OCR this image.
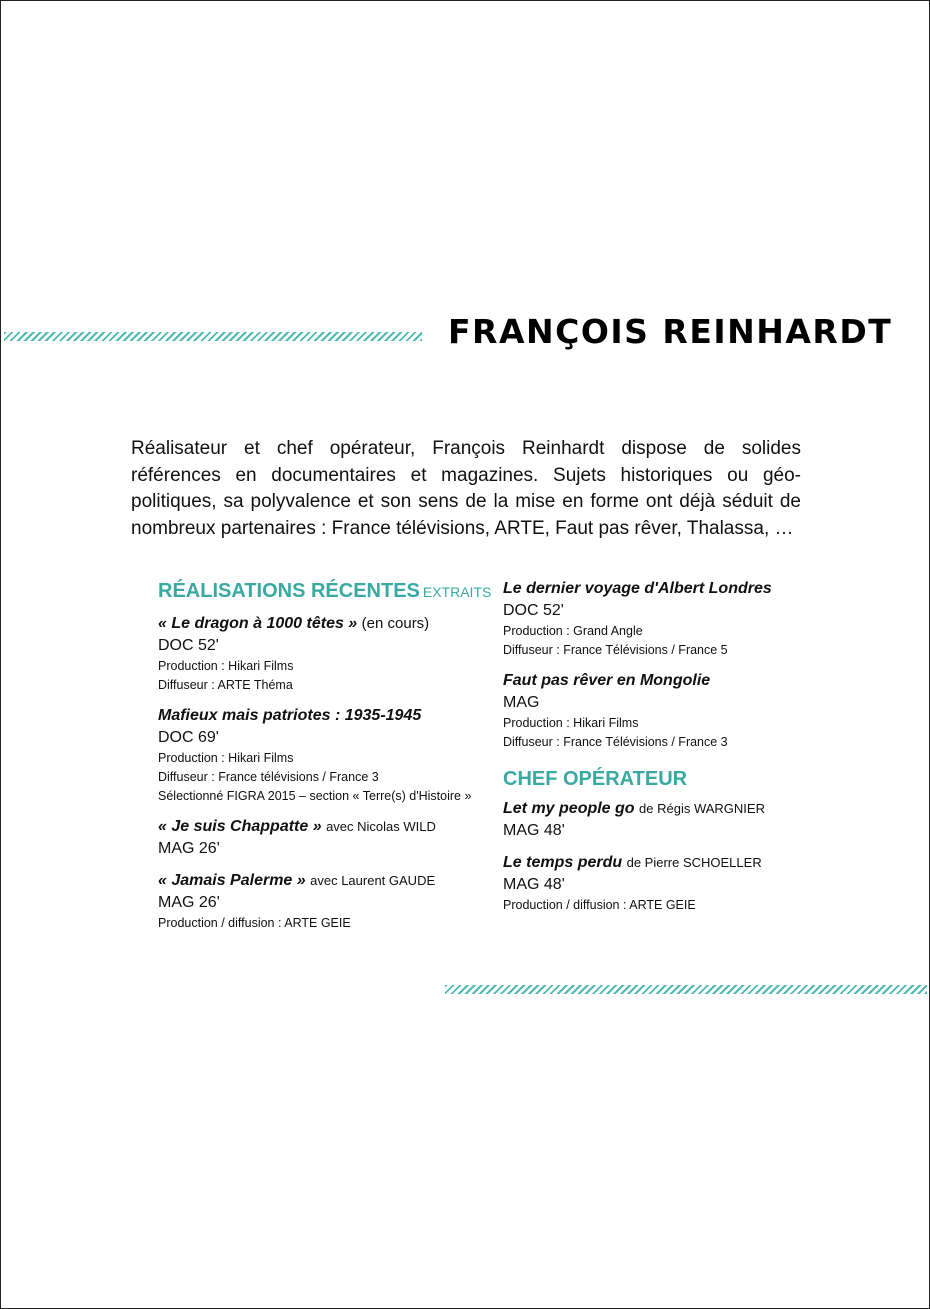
FRANÇOIS REINHARDT

Réalisateur et chef opérateur, François Reinhardt dispose de solides références en documentaires et magazines. Sujets historiques ou géo-politiques, sa polyvalence et son sens de la mise en forme ont déjà séduit de nombreux partenaires : France télévisions, ARTE, Faut pas rêver, Thalassa, …

RÉALISATIONS RÉCENTES EXTRAITS
« Le dragon à 1000 têtes » (en cours)
DOC 52'
Production : Hikari Films
Diffuseur : ARTE Théma
Mafieux mais patriotes : 1935-1945
DOC 69'
Production : Hikari Films
Diffuseur : France télévisions / France 3
Sélectionné FIGRA 2015 – section « Terre(s) d'Histoire »
« Je suis Chappatte » avec Nicolas WILD
MAG 26'
« Jamais Palerme » avec Laurent GAUDE
MAG 26'
Production / diffusion : ARTE GEIE
Le dernier voyage d'Albert Londres
DOC 52'
Production : Grand Angle
Diffuseur : France Télévisions / France 5
Faut pas rêver en Mongolie
MAG
Production : Hikari Films
Diffuseur : France Télévisions / France 3
CHEF OPÉRATEUR
Let my people go de Régis WARGNIER
MAG 48'
Le temps perdu de Pierre SCHOELLER
MAG 48'
Production / diffusion : ARTE GEIE
